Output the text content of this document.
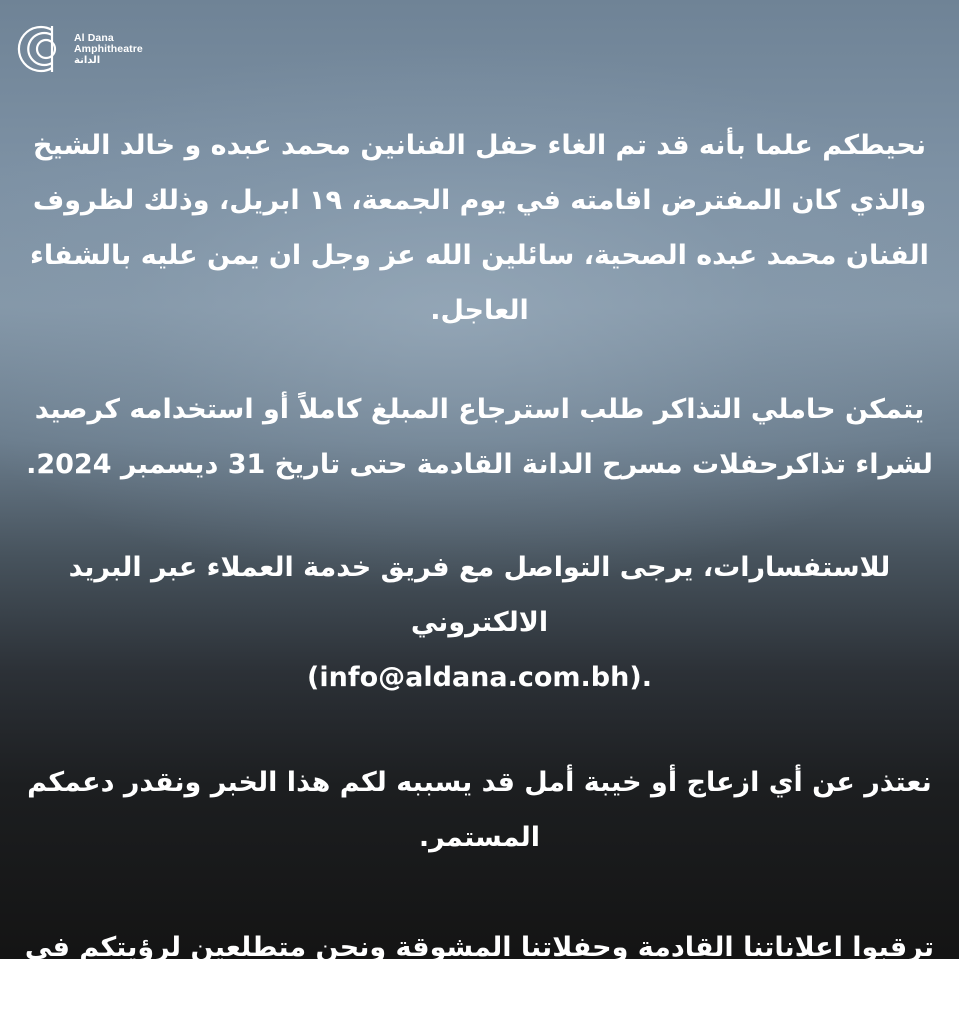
Al Dana
Amphitheatre
الدانة

نحيطكم علما بأنه قد تم الغاء حفل الفنانين محمد عبده و خالد الشيخ والذي كان المفترض اقامته في يوم الجمعة، ١٩ ابريل، وذلك لظروف الفنان محمد عبده الصحية، سائلين الله عز وجل ان يمن عليه بالشفاء العاجل.

يتمكن حاملي التذاكر طلب استرجاع المبلغ كاملاً أو استخدامه كرصيد لشراء تذاكرحفلات مسرح الدانة القادمة حتى تاريخ 31 ديسمبر 2024.

للاستفسارات، يرجى التواصل مع فريق خدمة العملاء عبر البريد الالكتروني
(info@aldana.com.bh).

نعتذر عن أي ازعاج أو خيبة أمل قد يسببه لكم هذا الخبر ونقدر دعمكم المستمر.

ترقبوا اعلاناتنا القادمة وحفلاتنا المشوقة ونحن متطلعين لرؤيتكم في مسرح الدانة قريباً.
